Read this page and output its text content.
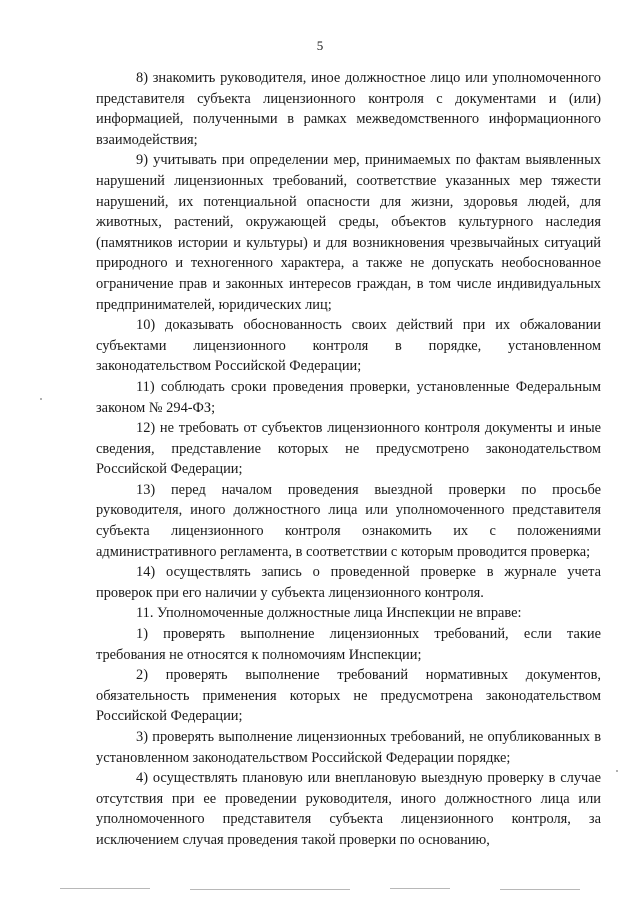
5

8) знакомить руководителя, иное должностное лицо или уполномоченного представителя субъекта лицензионного контроля с документами и (или) информацией, полученными в рамках межведомственного информационного взаимодействия;

9) учитывать при определении мер, принимаемых по фактам выявленных нарушений лицензионных требований, соответствие указанных мер тяжести нарушений, их потенциальной опасности для жизни, здоровья людей, для животных, растений, окружающей среды, объектов культурного наследия (памятников истории и культуры) и для возникновения чрезвычайных ситуаций природного и техногенного характера, а также не допускать необоснованное ограничение прав и законных интересов граждан, в том числе индивидуальных предпринимателей, юридических лиц;

10) доказывать обоснованность своих действий при их обжаловании субъектами лицензионного контроля в порядке, установленном законодательством Российской Федерации;

11) соблюдать сроки проведения проверки, установленные Федеральным законом № 294-ФЗ;

12) не требовать от субъектов лицензионного контроля документы и иные сведения, представление которых не предусмотрено законодательством Российской Федерации;

13) перед началом проведения выездной проверки по просьбе руководителя, иного должностного лица или уполномоченного представителя субъекта лицензионного контроля ознакомить их с положениями административного регламента, в соответствии с которым проводится проверка;

14) осуществлять запись о проведенной проверке в журнале учета проверок при его наличии у субъекта лицензионного контроля.

11. Уполномоченные должностные лица Инспекции не вправе:

1) проверять выполнение лицензионных требований, если такие требования не относятся к полномочиям Инспекции;

2) проверять выполнение требований нормативных документов, обязательность применения которых не предусмотрена законодательством Российской Федерации;

3) проверять выполнение лицензионных требований, не опубликованных в установленном законодательством Российской Федерации порядке;

4) осуществлять плановую или внеплановую выездную проверку в случае отсутствия при ее проведении руководителя, иного должностного лица или уполномоченного представителя субъекта лицензионного контроля, за исключением случая проведения такой проверки по основанию,
